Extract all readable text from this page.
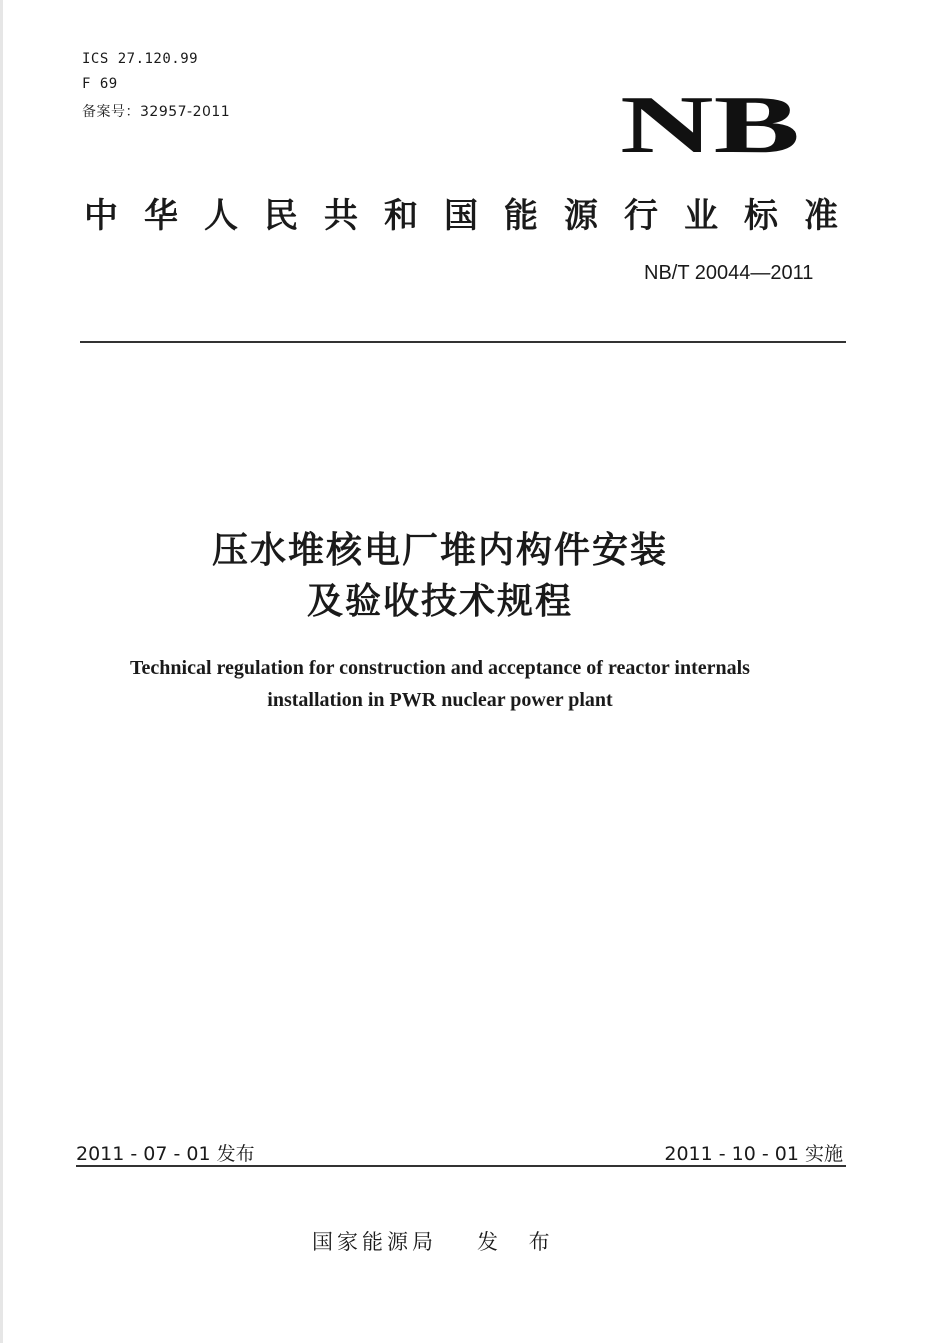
ICS 27.120.99
F 69
备案号：32957-2011	NB
中华人民共和国能源行业标准
NB/T 20044—2011
压水堆核电厂堆内构件安装
及验收技术规程
Technical regulation for construction and acceptance of reactor internals
installation in PWR nuclear power plant
2011 - 07 - 01 发布	2011 - 10 - 01 实施
国家能源局 发 布
